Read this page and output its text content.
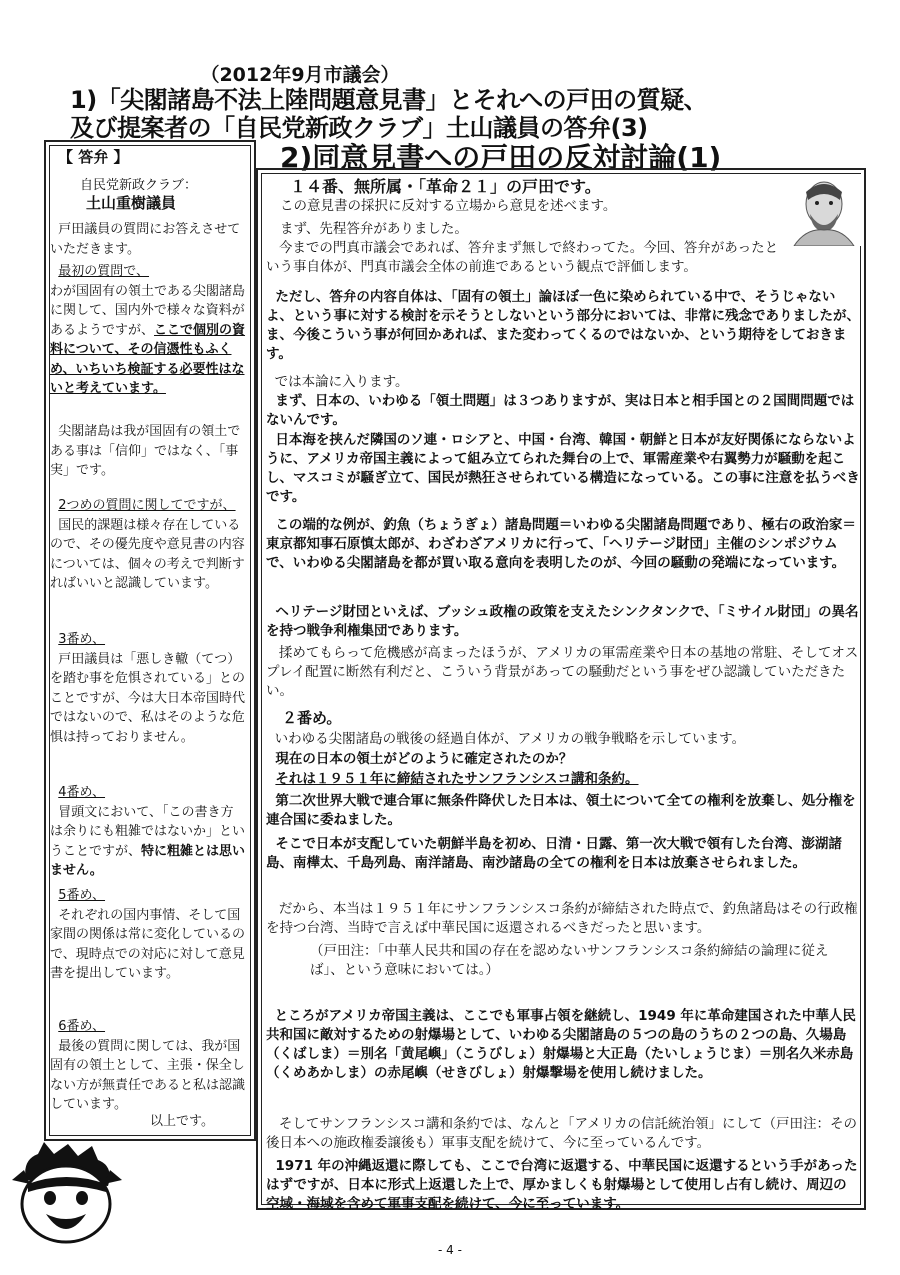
（2012年9月市議会）
1)「尖閣諸島不法上陸問題意見書」とそれへの戸田の質疑、
及び提案者の「自民党新政クラブ」土山議員の答弁(3)
2)同意見書への戸田の反対討論(1)
【 答弁 】
自民党新政クラブ：
土山重樹議員

戸田議員の質問にお答えさせていただきます。

最初の質問で、

わが国固有の領土である尖閣諸島に関して、国内外で様々な資料があるようですが、ここで個別の資料について、その信憑性もふくめ、いちいち検証する必要性はないと考えています。

尖閣諸島は我が国固有の領土である事は「信仰」ではなく、「事実」です。

2つめの質問に関してですが、

国民的課題は様々存在しているので、その優先度や意見書の内容については、個々の考えで判断すればいいと認識しています。

3番め、

戸田議員は「悪しき轍（てつ）を踏む事を危惧されている」とのことですが、今は大日本帝国時代ではないので、私はそのような危惧は持っておりません。

4番め、

冒頭文において、「この書き方は余りにも粗雑ではないか」ということですが、特に粗雑とは思いません。

5番め、

それぞれの国内事情、そして国家間の関係は常に変化しているので、現時点での対応に対して意見書を提出しています。

6番め、

最後の質問に関しては、我が国固有の領土として、主張・保全しない方が無責任であると私は認識しています。

以上です。
１４番、無所属・「革命２１」の戸田です。
この意見書の採択に反対する立場から意見を述べます。
まず、先程答弁がありました。

今までの門真市議会であれば、答弁まず無しで終わってた。今回、答弁があったという事自体が、門真市議会全体の前進であるという観点で評価します。

ただし、答弁の内容自体は、「固有の領土」論ほぼ一色に染められている中で、そうじゃないよ、という事に対する検討を示そうとしないという部分においては、非常に残念でありましたが、ま、今後こういう事が何回かあれば、また変わってくるのではないか、という期待をしておきます。

では本論に入ります。

まず、日本の、いわゆる「領土問題」は３つありますが、実は日本と相手国との２国間問題ではないんです。

日本海を挟んだ隣国のソ連・ロシアと、中国・台湾、韓国・朝鮮と日本が友好関係にならないように、アメリカ帝国主義によって組み立てられた舞台の上で、軍需産業や右翼勢力が騒動を起こし、マスコミが騒ぎ立て、国民が熱狂させられている構造になっている。この事に注意を払うべきです。

この端的な例が、釣魚（ちょうぎょ）諸島問題＝いわゆる尖閣諸島問題であり、極右の政治家＝東京都知事石原慎太郎が、わざわざアメリカに行って、「ヘリテージ財団」主催のシンポジウムで、いわゆる尖閣諸島を都が買い取る意向を表明したのが、今回の騒動の発端になっています。

ヘリテージ財団といえば、ブッシュ政権の政策を支えたシンクタンクで、「ミサイル財団」の異名を持つ戦争利権集団であります。

揉めてもらって危機感が高まったほうが、アメリカの軍需産業や日本の基地の常駐、そしてオスプレイ配置に断然有利だと、こういう背景があっての騒動だという事をぜひ認識していただきたい。

２番め。

いわゆる尖閣諸島の戦後の経過自体が、アメリカの戦争戦略を示しています。

現在の日本の領土がどのように確定されたのか？

それは１９５１年に締結されたサンフランシスコ講和条約。

第二次世界大戦で連合軍に無条件降伏した日本は、領土について全ての権利を放棄し、処分権を連合国に委ねました。

そこで日本が支配していた朝鮮半島を初め、日清・日露、第一次大戦で領有した台湾、澎湖諸島、南樺太、千島列島、南洋諸島、南沙諸島の全ての権利を日本は放棄させられました。

だから、本当は１９５１年にサンフランシスコ条約が締結された時点で、釣魚諸島はその行政権を持つ台湾、当時で言えば中華民国に返還されるべきだったと思います。

（戸田注：「中華人民共和国の存在を認めないサンフランシスコ条約締結の論理に従えば」、という意味においては。）

ところがアメリカ帝国主義は、ここでも軍事占領を継続し、1949 年に革命建国された中華人民共和国に敵対するための射爆場として、いわゆる尖閣諸島の５つの島のうちの２つの島、久場島（くばしま）＝別名「黄尾嶼」（こうびしょ）射爆場と大正島（たいしょうじま）＝別名久米赤島（くめあかしま）の赤尾嶼（せきびしょ）射爆撃場を使用し続けました。

そしてサンフランシスコ講和条約では、なんと「アメリカの信託統治領」にして（戸田注：その後日本への施政権委譲後も）軍事支配を続けて、今に至っているんです。

1971 年の沖縄返還に際しても、ここで台湾に返還する、中華民国に返還するという手があったはずですが、日本に形式上返還した上で、厚かましくも射爆場として使用し占有し続け、周辺の空域・海域を含めて軍事支配を続けて、今に至っています。

- 4 -
